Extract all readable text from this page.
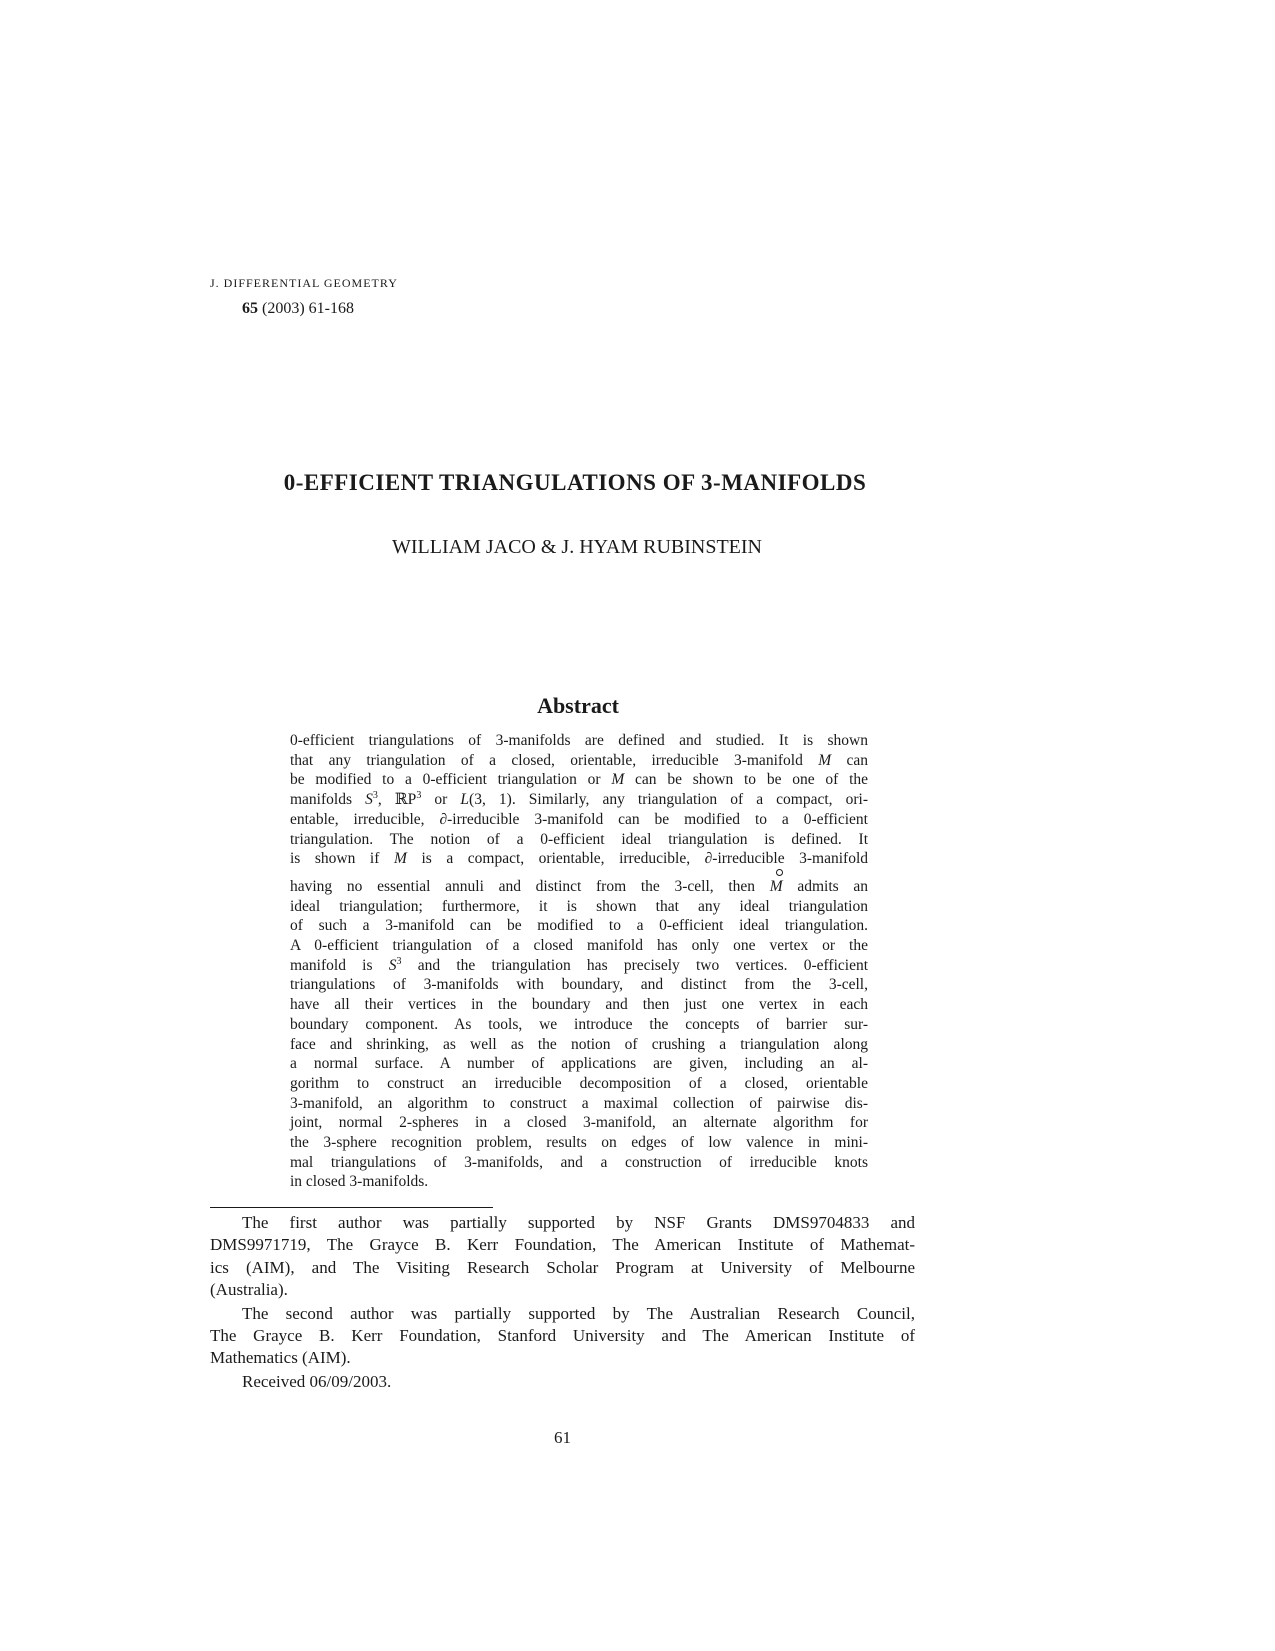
J. DIFFERENTIAL GEOMETRY
65 (2003) 61-168
0-EFFICIENT TRIANGULATIONS OF 3-MANIFOLDS
WILLIAM JACO & J. HYAM RUBINSTEIN
Abstract
0-efficient triangulations of 3-manifolds are defined and studied. It is shown
that any triangulation of a closed, orientable, irreducible 3-manifold M can
be modified to a 0-efficient triangulation or M can be shown to be one of the
manifolds $S^3$, ℝP$^3$ or L(3, 1). Similarly, any triangulation of a compact, ori-
entable, irreducible, ∂-irreducible 3-manifold can be modified to a 0-efficient
triangulation. The notion of a 0-efficient ideal triangulation is defined. It
is shown if M is a compact, orientable, irreducible, ∂-irreducible 3-manifold
having no essential annuli and distinct from the 3-cell, then M admits an
ideal triangulation; furthermore, it is shown that any ideal triangulation
of such a 3-manifold can be modified to a 0-efficient ideal triangulation.
A 0-efficient triangulation of a closed manifold has only one vertex or the
manifold is $S^3$ and the triangulation has precisely two vertices. 0-efficient
triangulations of 3-manifolds with boundary, and distinct from the 3-cell,
have all their vertices in the boundary and then just one vertex in each
boundary component. As tools, we introduce the concepts of barrier sur-
face and shrinking, as well as the notion of crushing a triangulation along
a normal surface. A number of applications are given, including an al-
gorithm to construct an irreducible decomposition of a closed, orientable
3-manifold, an algorithm to construct a maximal collection of pairwise dis-
joint, normal 2-spheres in a closed 3-manifold, an alternate algorithm for
the 3-sphere recognition problem, results on edges of low valence in mini-
mal triangulations of 3-manifolds, and a construction of irreducible knots
in closed 3-manifolds.
The first author was partially supported by NSF Grants DMS9704833 and
DMS9971719, The Grayce B. Kerr Foundation, The American Institute of Mathemat-
ics (AIM), and The Visiting Research Scholar Program at University of Melbourne
(Australia).
The second author was partially supported by The Australian Research Council,
The Grayce B. Kerr Foundation, Stanford University and The American Institute of
Mathematics (AIM).
Received 06/09/2003.
61
